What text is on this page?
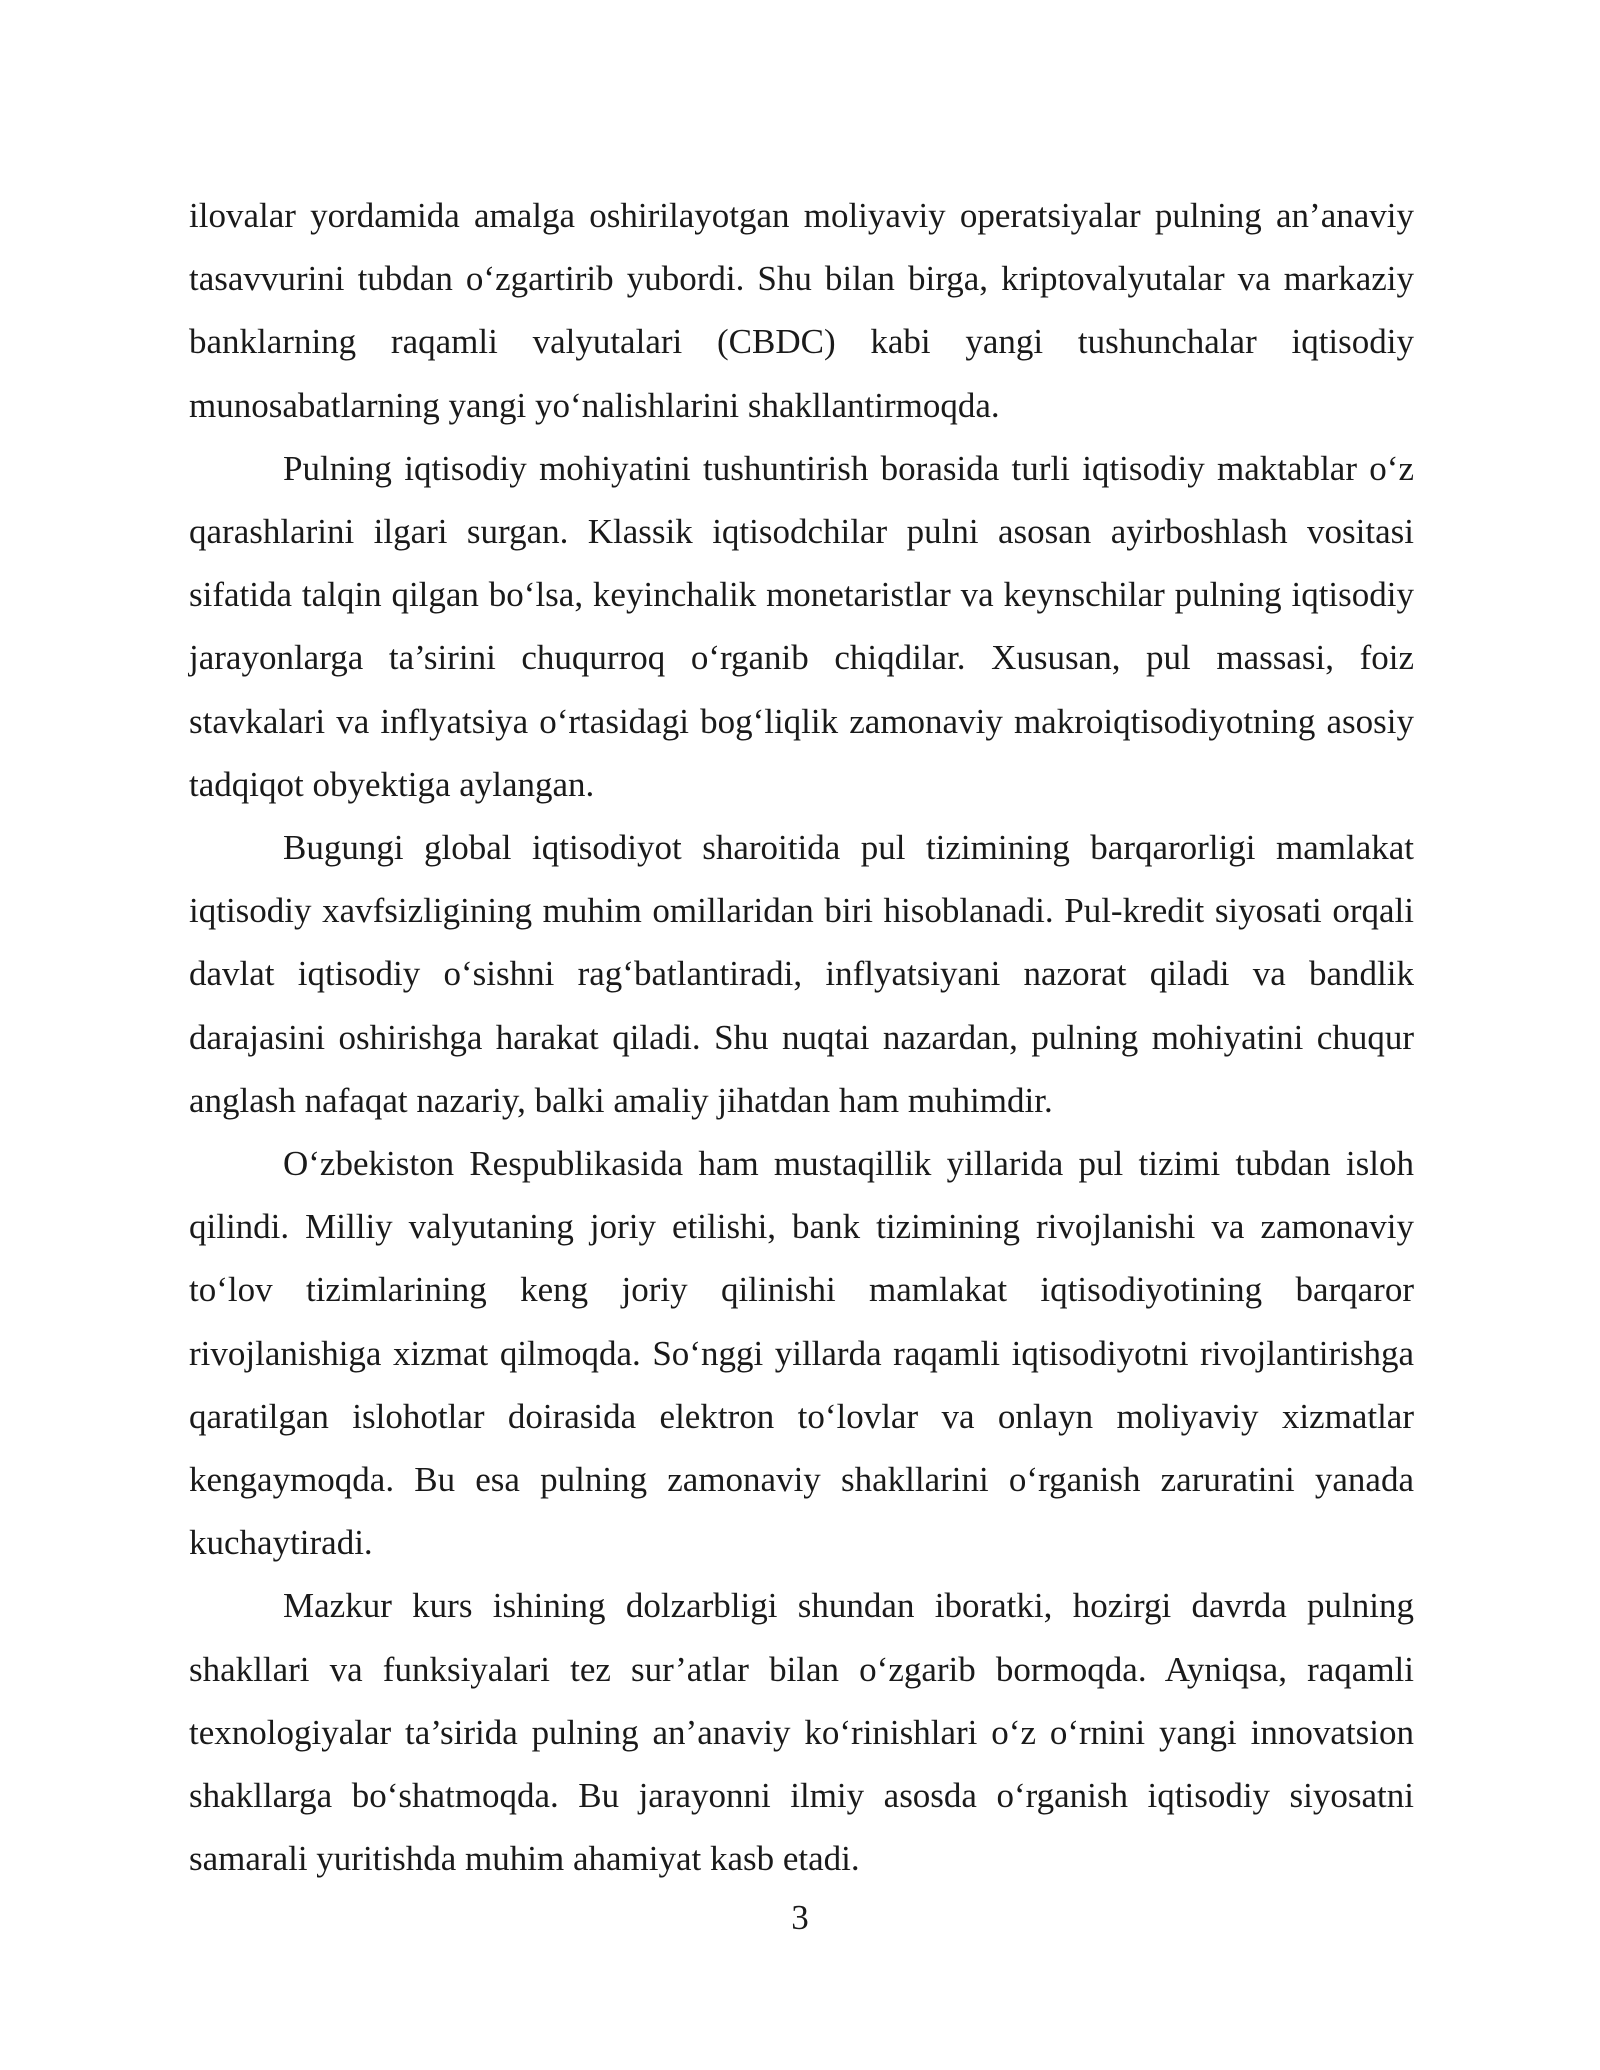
ilovalar yordamida amalga oshirilayotgan moliyaviy operatsiyalar pulning an’anaviy tasavvurini tubdan o‘zgartirib yubordi. Shu bilan birga, kriptovalyutalar va markaziy banklarning raqamli valyutalari (CBDC) kabi yangi tushunchalar iqtisodiy munosabatlarning yangi yo‘nalishlarini shakllantirmoqda.

Pulning iqtisodiy mohiyatini tushuntirish borasida turli iqtisodiy maktablar o‘z qarashlarini ilgari surgan. Klassik iqtisodchilar pulni asosan ayirboshlash vositasi sifatida talqin qilgan bo‘lsa, keyinchalik monetaristlar va keynschilar pulning iqtisodiy jarayonlarga ta’sirini chuqurroq o‘rganib chiqdilar. Xususan, pul massasi, foiz stavkalari va inflyatsiya o‘rtasidagi bog‘liqlik zamonaviy makroiqtisodiyotning asosiy tadqiqot obyektiga aylangan.

Bugungi global iqtisodiyot sharoitida pul tizimining barqarorligi mamlakat iqtisodiy xavfsizligining muhim omillaridan biri hisoblanadi. Pul-kredit siyosati orqali davlat iqtisodiy o‘sishni rag‘batlantiradi, inflyatsiyani nazorat qiladi va bandlik darajasini oshirishga harakat qiladi. Shu nuqtai nazardan, pulning mohiyatini chuqur anglash nafaqat nazariy, balki amaliy jihatdan ham muhimdir.

O‘zbekiston Respublikasida ham mustaqillik yillarida pul tizimi tubdan isloh qilindi. Milliy valyutaning joriy etilishi, bank tizimining rivojlanishi va zamonaviy to‘lov tizimlarining keng joriy qilinishi mamlakat iqtisodiyotining barqaror rivojlanishiga xizmat qilmoqda. So‘nggi yillarda raqamli iqtisodiyotni rivojlantirishga qaratilgan islohotlar doirasida elektron to‘lovlar va onlayn moliyaviy xizmatlar kengaymoqda. Bu esa pulning zamonaviy shakllarini o‘rganish zaruratini yanada kuchaytiradi.

Mazkur kurs ishining dolzarbligi shundan iboratki, hozirgi davrda pulning shakllari va funksiyalari tez sur’atlar bilan o‘zgarib bormoqda. Ayniqsa, raqamli texnologiyalar ta’sirida pulning an’anaviy ko‘rinishlari o‘z o‘rnini yangi innovatsion shakllarga bo‘shatmoqda. Bu jarayonni ilmiy asosda o‘rganish iqtisodiy siyosatni samarali yuritishda muhim ahamiyat kasb etadi.

3
